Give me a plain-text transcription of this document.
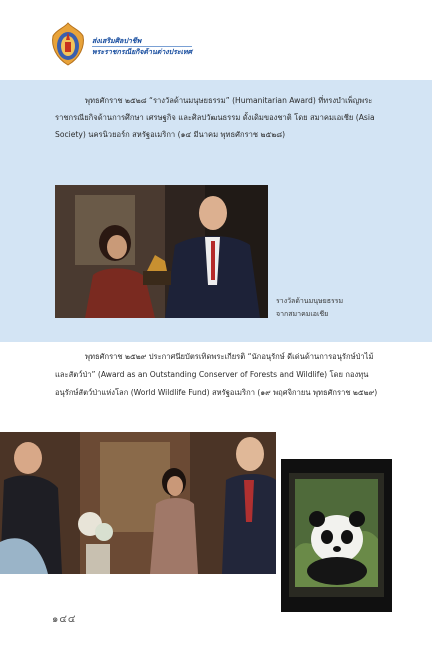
ส่งเสริมศิลปาชีพ
พระราชกรณียกิจด้านต่างประเทศ

พุทธศักราช ๒๕๒๘ “รางวัลด้านมนุษยธรรม” (Humanitarian Award) ที่ทรงบำเพ็ญพระราชกรณียกิจด้านการศึกษา เศรษฐกิจ และศิลปวัฒนธรรม ดั้งเดิมของชาติ โดย สมาคมเอเชีย (Asia Society) นครนิวยอร์ก สหรัฐอเมริกา (๑๔ มีนาคม พุทธศักราช ๒๕๒๘)

รางวัลด้านมนุษยธรรม
จากสมาคมเอเชีย

พุทธศักราช ๒๕๒๙ ประกาศนียบัตรเทิดพระเกียรติ “นักอนุรักษ์ ดีเด่นด้านการอนุรักษ์ป่าไม้และสัตว์ป่า” (Award as an Outstanding Conserver of Forests and Wildlife) โดย กองทุนอนุรักษ์สัตว์ป่าแห่งโลก (World Wildlife Fund) สหรัฐอเมริกา (๑๙ พฤศจิกายน พุทธศักราช ๒๕๒๙)

๑๔๔
